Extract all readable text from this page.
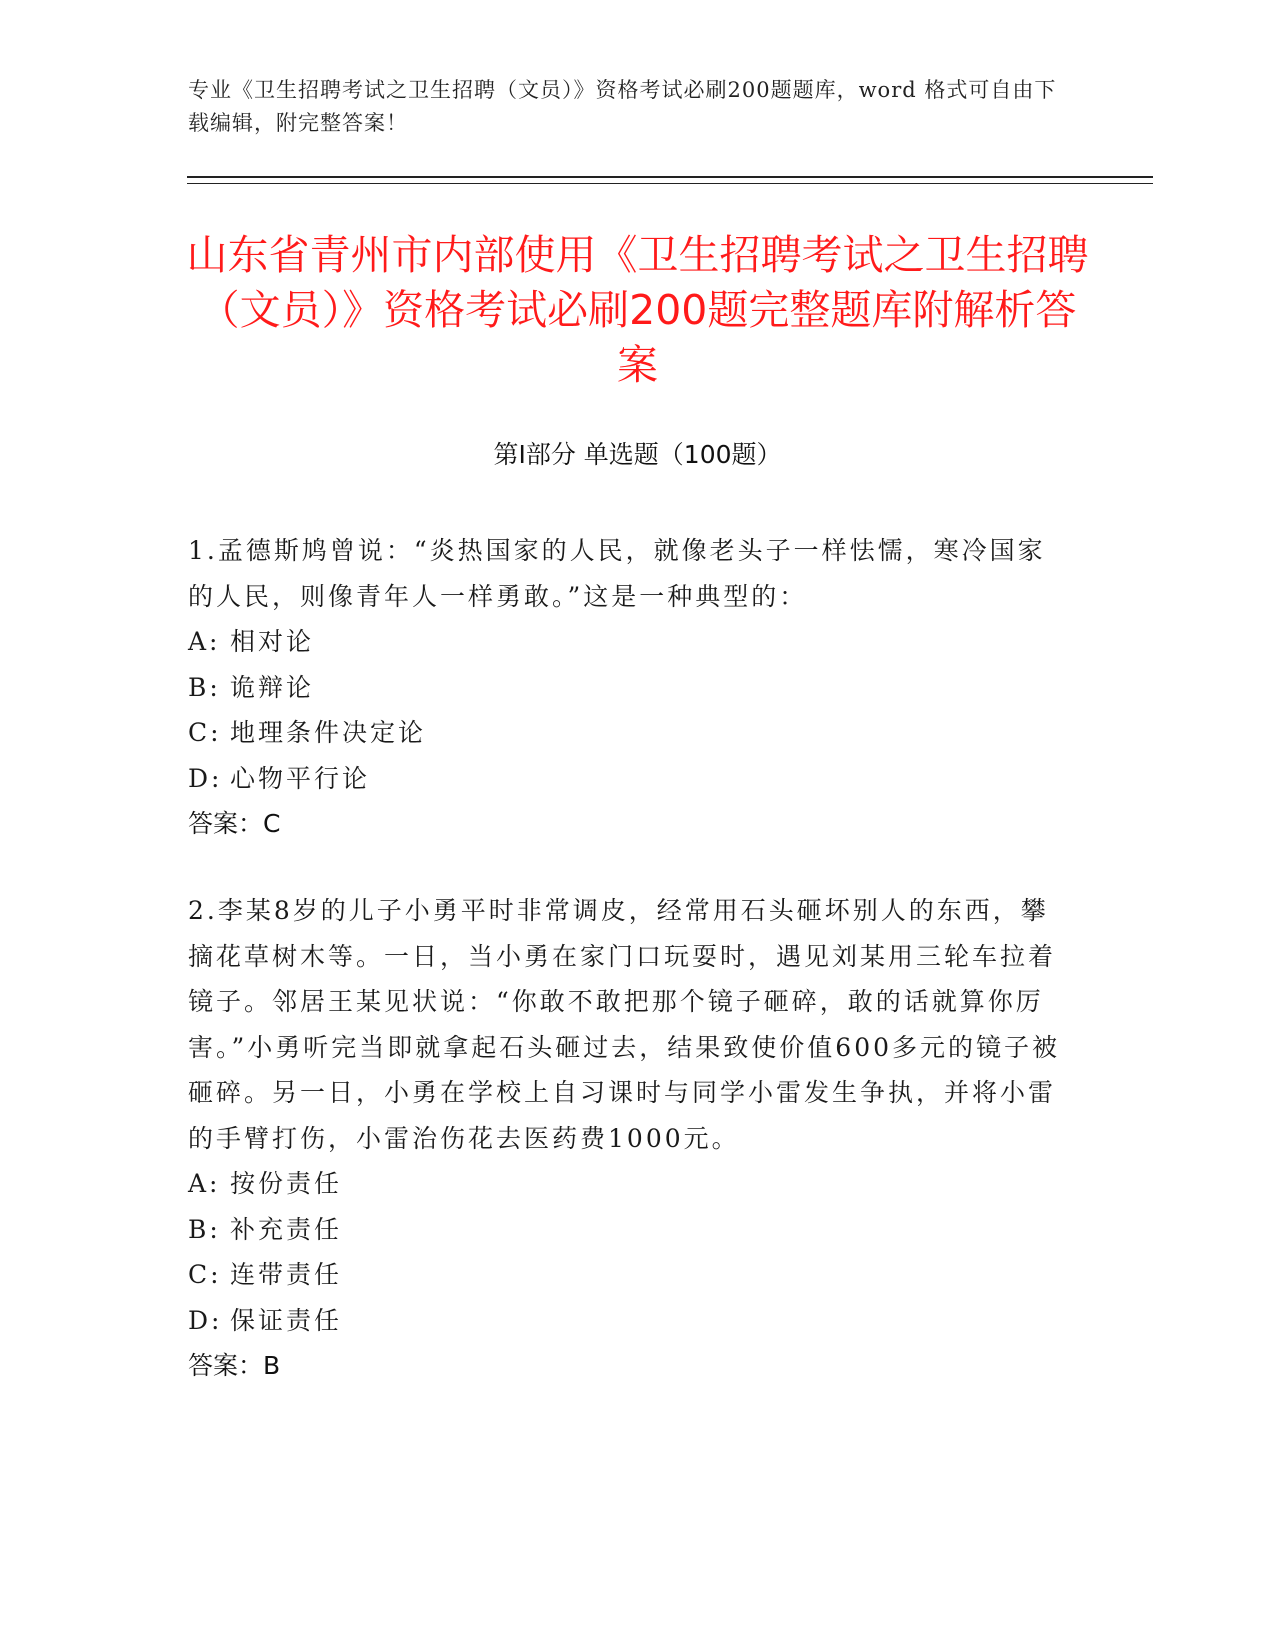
专业《卫生招聘考试之卫生招聘（文员）》资格考试必刷200题题库，word 格式可自由下载编辑，附完整答案！
山东省青州市内部使用《卫生招聘考试之卫生招聘（文员）》资格考试必刷200题完整题库附解析答案
第Ⅰ部分 单选题（100题）

1.孟德斯鸠曾说：“炎热国家的人民，就像老头子一样怯懦，寒冷国家的人民，则像青年人一样勇敢。”这是一种典型的：

A: 相对论
B: 诡辩论
C: 地理条件决定论
D: 心物平行论
答案：C

2.李某8岁的儿子小勇平时非常调皮，经常用石头砸坏别人的东西，攀摘花草树木等。一日，当小勇在家门口玩耍时，遇见刘某用三轮车拉着镜子。邻居王某见状说：“你敢不敢把那个镜子砸碎，敢的话就算你厉害。”小勇听完当即就拿起石头砸过去，结果致使价值600多元的镜子被砸碎。另一日，小勇在学校上自习课时与同学小雷发生争执，并将小雷的手臂打伤，小雷治伤花去医药费1000元。

A: 按份责任
B: 补充责任
C: 连带责任
D: 保证责任
答案：B
